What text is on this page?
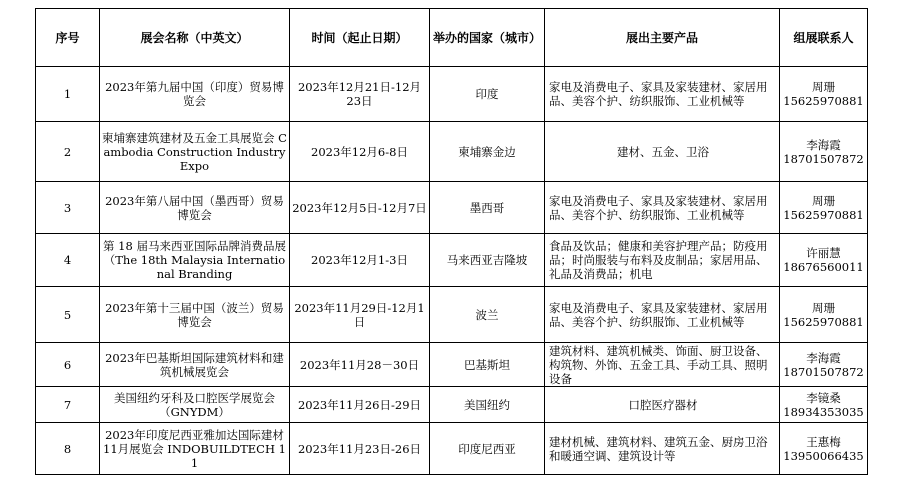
序号	展会名称（中英文）	时间（起止日期）	举办的国家（城市）	展出主要产品	组展联系人
1	2023年第九届中国（印度）贸易博览会	2023年12月21日-12月23日	印度	家电及消费电子、家具及家装建材、家居用品、美容个护、纺织服饰、工业机械等	周珊
15625970881

2	柬埔寨建筑建材及五金工具展览会 Cambodia Construction Industry Expo	2023年12月6-8日	柬埔寨金边	建材、五金、卫浴	李海霞
18701507872

3	2023年第八届中国（墨西哥）贸易博览会	2023年12月5日-12月7日	墨西哥	家电及消费电子、家具及家装建材、家居用品、美容个护、纺织服饰、工业机械等	周珊
15625970881

4	第 18 届马来西亚国际品牌消费品展（The 18th Malaysia International Branding	2023年12月1-3日	马来西亚吉隆坡	食品及饮品；健康和美容护理产品；防疫用品；时尚服装与布料及皮制品；家居用品、礼品及消费品；机电	许丽慧
18676560011

5	2023年第十三届中国（波兰）贸易博览会	2023年11月29日-12月1日	波兰	家电及消费电子、家具及家装建材、家居用品、美容个护、纺织服饰、工业机械等	周珊
15625970881

6	2023年巴基斯坦国际建筑材料和建筑机械展览会	2023年11月28－30日	巴基斯坦	建筑材料、建筑机械类、饰面、厨卫设备、构筑物、外饰、五金工具、手动工具、照明设备	李海霞
18701507872

7	美国纽约牙科及口腔医学展览会 （GNYDM）	2023年11月26日-29日	美国纽约	口腔医疗器材	李镜桑
18934353035

8	2023年印度尼西亚雅加达国际建材11月展览会 INDOBUILDTECH 11	2023年11月23日-26日	印度尼西亚	建材机械、建筑材料、建筑五金、厨房卫浴和暖通空调、建筑设计等	王惠梅
13950066435
